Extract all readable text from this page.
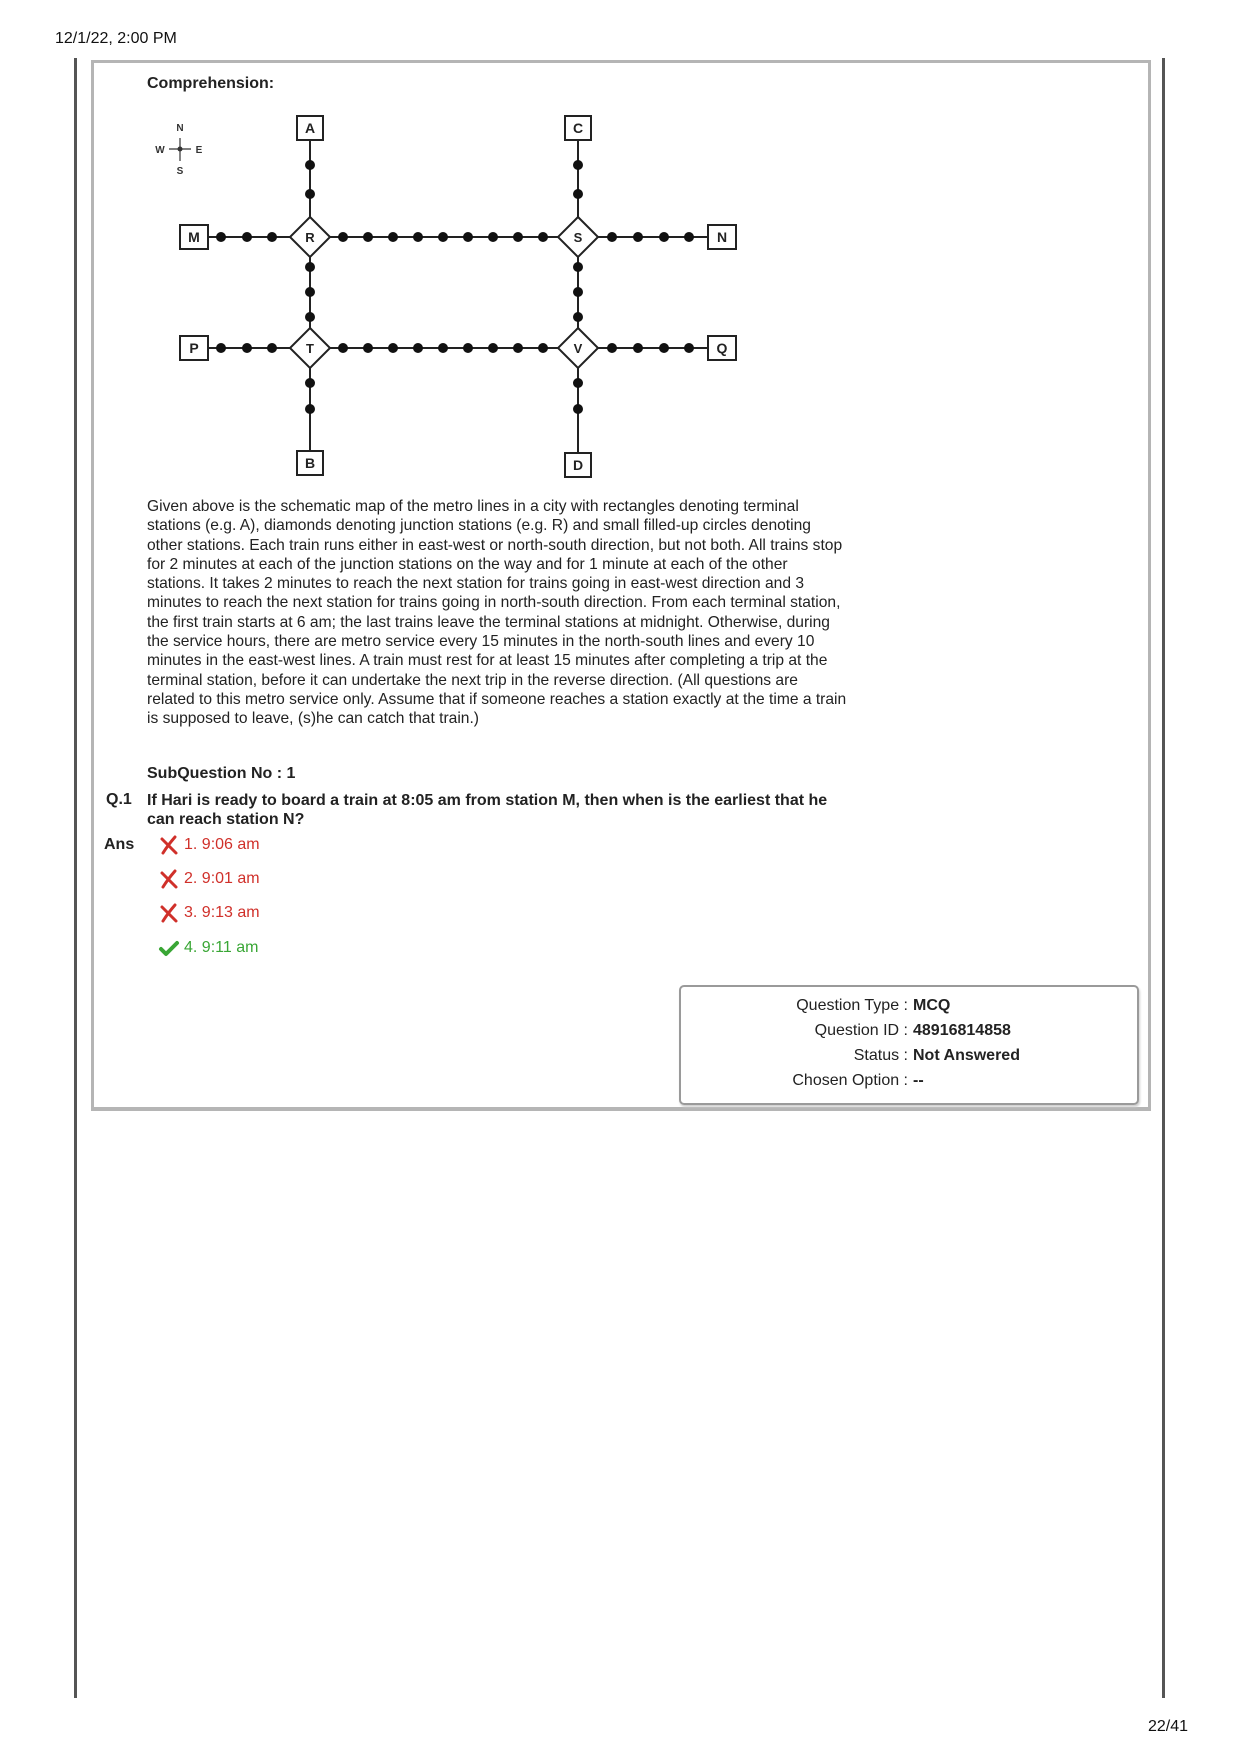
12/1/22, 2:00 PM
Comprehension:
N
S
E
W
A	C
M	N
P	Q
B	D
R	S
T	V
Given above is the schematic map of the metro lines in a city with rectangles denoting terminal stations (e.g. A), diamonds denoting junction stations (e.g. R) and small filled-up circles denoting other stations. Each train runs either in east-west or north-south direction, but not both. All trains stop for 2 minutes at each of the junction stations on the way and for 1 minute at each of the other stations. It takes 2 minutes to reach the next station for trains going in east-west direction and 3 minutes to reach the next station for trains going in north-south direction. From each terminal station, the first train starts at 6 am; the last trains leave the terminal stations at midnight. Otherwise, during the service hours, there are metro service every 15 minutes in the north-south lines and every 10 minutes in the east-west lines. A train must rest for at least 15 minutes after completing a trip at the terminal station, before it can undertake the next trip in the reverse direction. (All questions are related to this metro service only. Assume that if someone reaches a station exactly at the time a train is supposed to leave, (s)he can catch that train.)
SubQuestion No : 1
Q.1 If Hari is ready to board a train at 8:05 am from station M, then when is the earliest that he can reach station N?
Ans	1. 9:06 am
2. 9:01 am
3. 9:13 am
4. 9:11 am
Question Type : MCQ
Question ID : 48916814858
Status : Not Answered
Chosen Option : --
22/41
